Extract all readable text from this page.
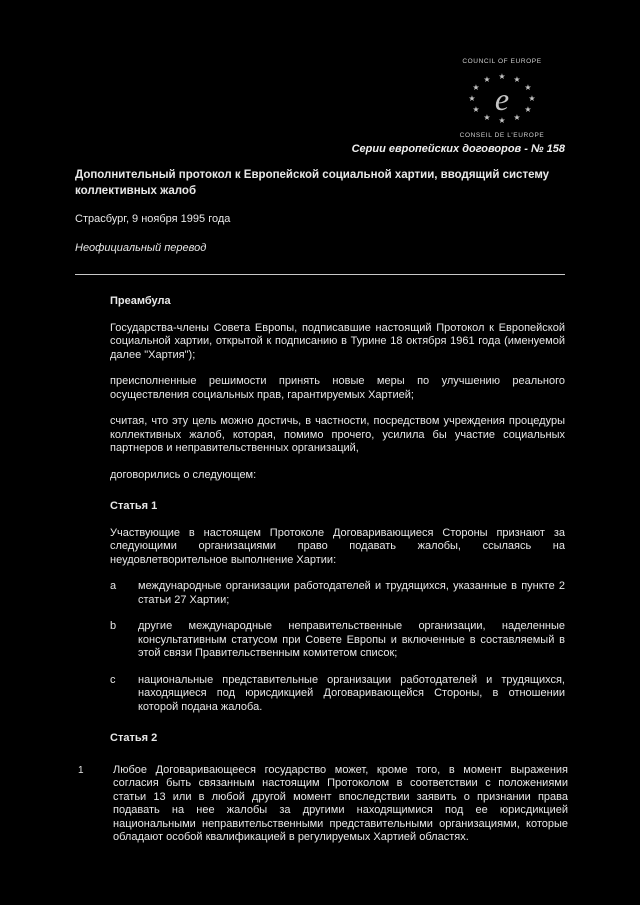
COUNCIL OF EUROPE
★
★
★
★
★
★
★
★
★ ★ ★
★
e
CONSEIL DE L'EUROPE
Серии европейских договоров - № 158
Дополнительный протокол к Европейской социальной хартии, вводящий систему коллективных жалоб
Страсбург, 9 ноября 1995 года
Неофициальный перевод
Преамбула

Государства-члены Совета Европы, подписавшие настоящий Протокол к Европейской социальной хартии, открытой к подписанию в Турине 18 октября 1961 года (именуемой далее "Хартия");

преисполненные решимости принять новые меры по улучшению реального осуществления социальных прав, гарантируемых Хартией;

считая, что эту цель можно достичь, в частности, посредством учреждения процедуры коллективных жалоб, которая, помимо прочего, усилила бы участие социальных партнеров и неправительственных организаций,

договорились о следующем:

Статья 1

Участвующие в настоящем Протоколе Договаривающиеся Стороны признают за следующими организациями право подавать жалобы, ссылаясь на неудовлетворительное выполнение Хартии:

a	международные организации работодателей и трудящихся, указанные в пункте 2 статьи 27 Хартии;
b	другие международные неправительственные организации, наделенные консультативным статусом при Совете Европы и включенные в составляемый в этой связи Правительственным комитетом список;
c	национальные представительные организации работодателей и трудящихся, находящиеся под юрисдикцией Договаривающейся Стороны, в отношении которой подана жалоба.
Статья 2
1	Любое Договаривающееся государство может, кроме того, в момент выражения согласия быть связанным настоящим Протоколом в соответствии с положениями статьи 13 или в любой другой момент впоследствии заявить о признании права подавать на нее жалобы за другими находящимися под ее юрисдикцией национальными неправительственными представительными организациями, которые обладают особой квалификацией в регулируемых Хартией областях.
